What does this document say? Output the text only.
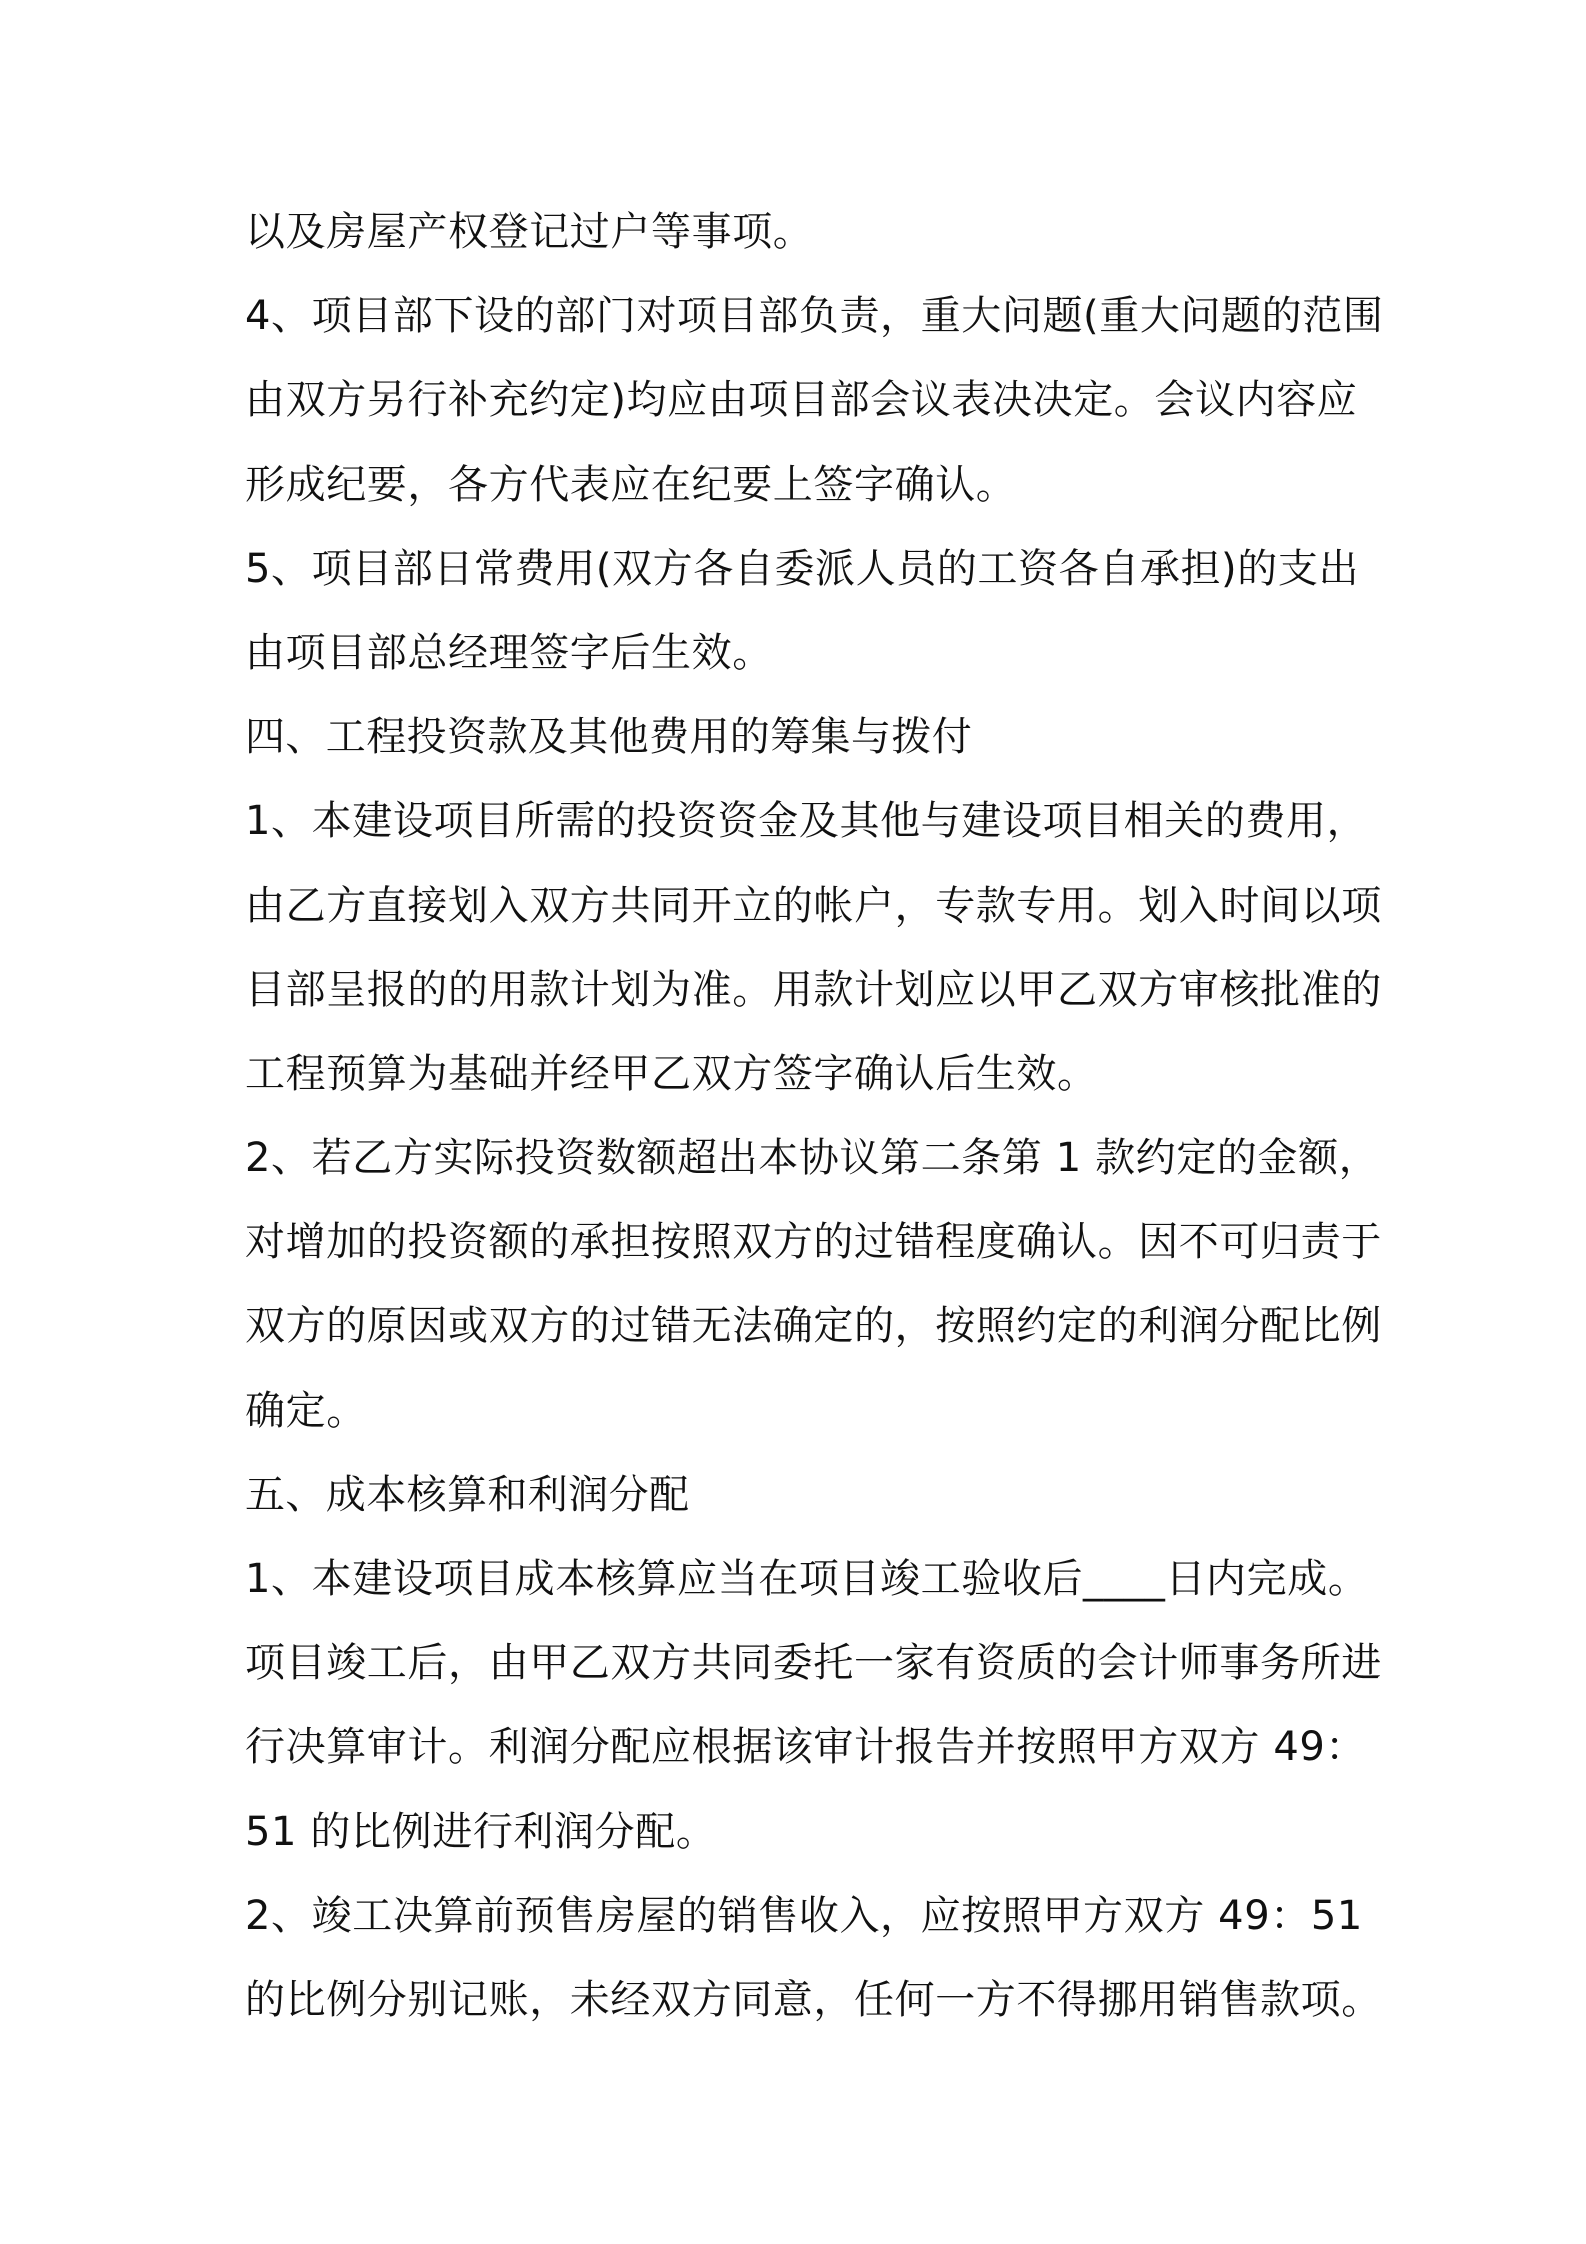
以及房屋产权登记过户等事项。
4、项目部下设的部门对项目部负责，重大问题(重大问题的范围
由双方另行补充约定)均应由项目部会议表决决定。会议内容应
形成纪要，各方代表应在纪要上签字确认。
5、项目部日常费用(双方各自委派人员的工资各自承担)的支出
由项目部总经理签字后生效。
四、工程投资款及其他费用的筹集与拨付
1、本建设项目所需的投资资金及其他与建设项目相关的费用，
由乙方直接划入双方共同开立的帐户，专款专用。划入时间以项
目部呈报的的用款计划为准。用款计划应以甲乙双方审核批准的
工程预算为基础并经甲乙双方签字确认后生效。
2、若乙方实际投资数额超出本协议第二条第 1 款约定的金额，
对增加的投资额的承担按照双方的过错程度确认。因不可归责于
双方的原因或双方的过错无法确定的，按照约定的利润分配比例
确定。
五、成本核算和利润分配
1、本建设项目成本核算应当在项目竣工验收后____日内完成。
项目竣工后，由甲乙双方共同委托一家有资质的会计师事务所进
行决算审计。利润分配应根据该审计报告并按照甲方双方 49：
51 的比例进行利润分配。
2、竣工决算前预售房屋的销售收入，应按照甲方双方 49：51
的比例分别记账，未经双方同意，任何一方不得挪用销售款项。
